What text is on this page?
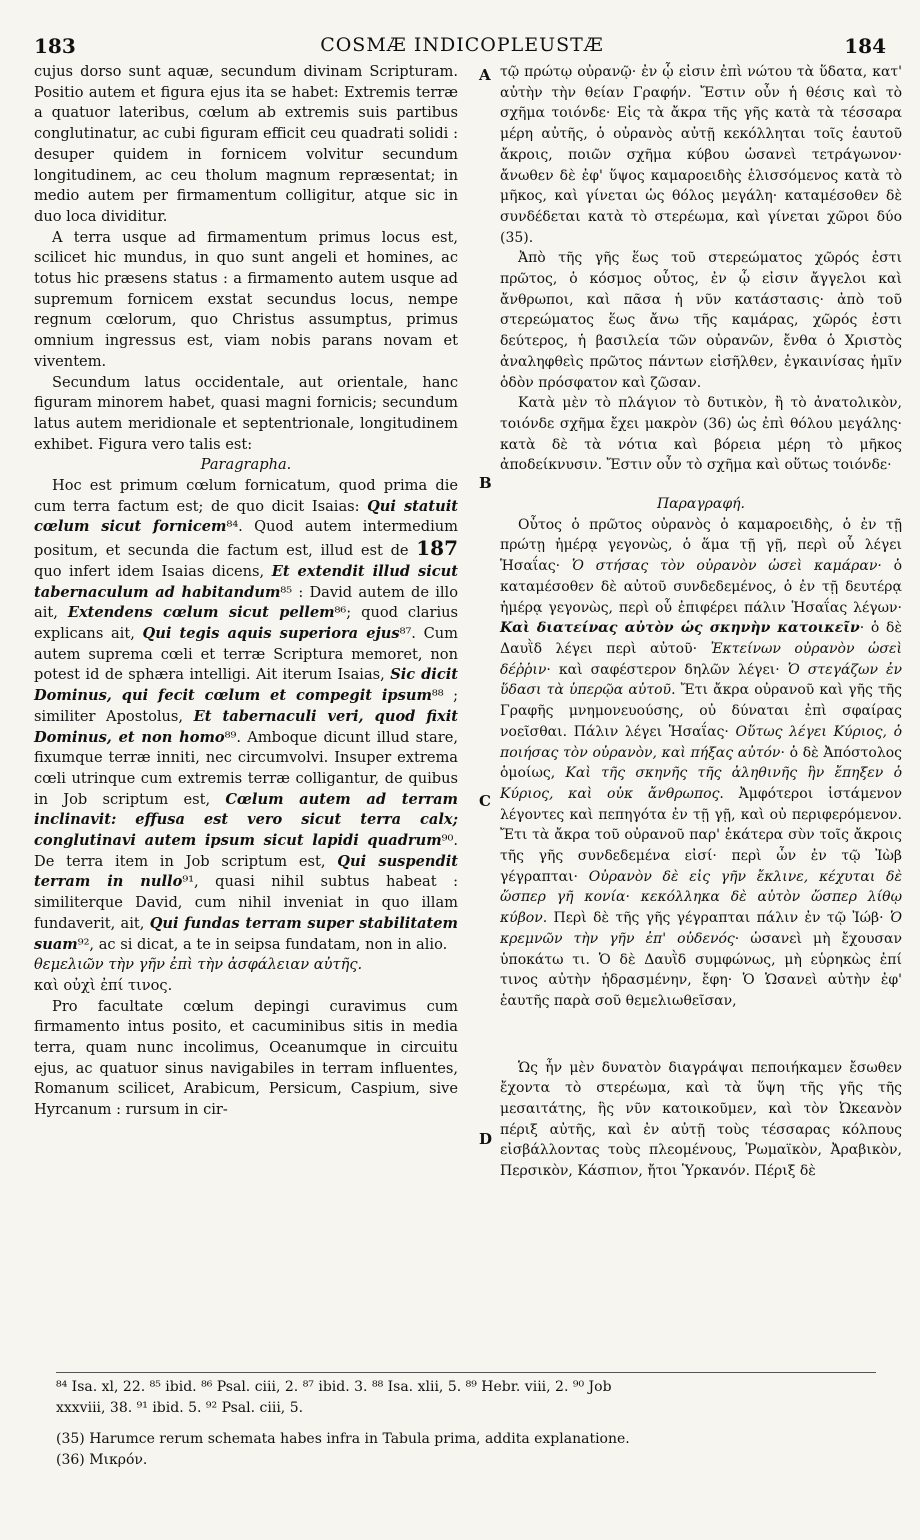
183	COSMÆ INDICOPLEUSTÆ	184
A
B
C
D

cujus dorso sunt aquæ, secundum divinam Scripturam. Positio autem et figura ejus ita se habet: Extremis terræ a quatuor lateribus, cœlum ab extremis suis partibus conglutinatur, ac cubi figuram efficit ceu quadrati solidi : desuper quidem in fornicem volvitur secundum longitudinem, ac ceu tholum magnum repræsentat; in medio autem per firmamentum colligitur, atque sic in duo loca dividitur.

A terra usque ad firmamentum primus locus est, scilicet hic mundus, in quo sunt angeli et homines, ac totus hic præsens status : a firmamento autem usque ad supremum fornicem exstat secundus locus, nempe regnum cœlorum, quo Christus assumptus, primus omnium ingressus est, viam nobis parans novam et viventem.

Secundum latus occidentale, aut orientale, hanc figuram minorem habet, quasi magni fornicis; secundum latus autem meridionale et septentrionale, longitudinem exhibet. Figura vero talis est:

Paragrapha.

Hoc est primum cœlum fornicatum, quod prima die cum terra factum est; de quo dicit Isaias: Qui statuit cœlum sicut fornicem⁸⁴. Quod autem intermedium positum, et secunda die factum est, illud est de 187 quo infert idem Isaias dicens, Et extendit illud sicut tabernaculum ad habitandum⁸⁵ : David autem de illo ait, Extendens cœlum sicut pellem⁸⁶; quod clarius explicans ait, Qui tegis aquis superiora ejus⁸⁷. Cum autem suprema cœli et terræ Scriptura memoret, non potest id de sphæra intelligi. Ait iterum Isaias, Sic dicit Dominus, qui fecit cœlum et compegit ipsum⁸⁸ ; similiter Apostolus, Et tabernaculi veri, quod fixit Dominus, et non homo⁸⁹. Amboque dicunt illud stare, fixumque terræ inniti, nec circumvolvi. Insuper extrema cœli utrinque cum extremis terræ colligantur, de quibus in Job scriptum est, Cœlum autem ad terram inclinavit: effusa est vero sicut terra calx; conglutinavi autem ipsum sicut lapidi quadrum⁹⁰. De terra item in Job scriptum est, Qui suspendit terram in nullo⁹¹, quasi nihil subtus habeat : similiterque David, cum nihil inveniat in quo illam fundaverit, ait, Qui fundas terram super stabilitatem suam⁹², ac si dicat, a te in seipsa fundatam, non in alio.

θεμελιῶν τὴν γῆν ἐπὶ τὴν ἀσφάλειαν αὐτῆς.

καὶ οὐχὶ ἐπί τινος.

Pro facultate cœlum depingi curavimus cum firmamento intus posito, et cacuminibus sitis in media terra, quam nunc incolimus, Oceanumque in circuitu ejus, ac quatuor sinus navigabiles in terram influentes, Romanum scilicet, Arabicum, Persicum, Caspium, sive Hyrcanum : rursum in cir-

τῷ πρώτῳ οὐρανῷ· ἐν ᾧ εἰσιν ἐπὶ νώτου τὰ ὕδατα, κατ' αὐτὴν τὴν θείαν Γραφήν. Ἔστιν οὖν ἡ θέσις καὶ τὸ σχῆμα τοιόνδε· Εἰς τὰ ἄκρα τῆς γῆς κατὰ τὰ τέσσαρα μέρη αὐτῆς, ὁ οὐρανὸς αὐτῇ κεκόλληται τοῖς ἑαυτοῦ ἄκροις, ποιῶν σχῆμα κύβου ὡσανεὶ τετράγωνον· ἄνωθεν δὲ ἐφ' ὕψος καμαροειδὴς ἑλισσόμενος κατὰ τὸ μῆκος, καὶ γίνεται ὡς θόλος μεγάλη· καταμέσοθεν δὲ συνδέδεται κατὰ τὸ στερέωμα, καὶ γίνεται χῶροι δύο (35).

Ἀπὸ τῆς γῆς ἕως τοῦ στερεώματος χῶρός ἐστι πρῶτος, ὁ κόσμος οὗτος, ἐν ᾧ εἰσιν ἄγγελοι καὶ ἄνθρωποι, καὶ πᾶσα ἡ νῦν κατάστασις· ἀπὸ τοῦ στερεώματος ἕως ἄνω τῆς καμάρας, χῶρός ἐστι δεύτερος, ἡ βασιλεία τῶν οὐρανῶν, ἔνθα ὁ Χριστὸς ἀναληφθεὶς πρῶτος πάντων εἰσῆλθεν, ἐγκαινίσας ἡμῖν ὁδὸν πρόσφατον καὶ ζῶσαν.

Κατὰ μὲν τὸ πλάγιον τὸ δυτικὸν, ἢ τὸ ἀνατολικὸν, τοιόνδε σχῆμα ἔχει μακρὸν (36) ὡς ἐπὶ θόλου μεγάλης· κατὰ δὲ τὰ νότια καὶ βόρεια μέρη τὸ μῆκος ἀποδείκνυσιν. Ἔστιν οὖν τὸ σχῆμα καὶ οὕτως τοιόνδε·

Παραγραφή.

Οὗτος ὁ πρῶτος οὐρανὸς ὁ καμαροειδὴς, ὁ ἐν τῇ πρώτῃ ἡμέρᾳ γεγονὼς, ὁ ἅμα τῇ γῇ, περὶ οὗ λέγει Ἡσαΐας· Ὁ στήσας τὸν οὐρανὸν ὡσεὶ καμάραν· ὁ καταμέσοθεν δὲ αὐτοῦ συνδεδεμένος, ὁ ἐν τῇ δευτέρᾳ ἡμέρᾳ γεγονὼς, περὶ οὗ ἐπιφέρει πάλιν Ἡσαΐας λέγων· Καὶ διατείνας αὐτὸν ὡς σκηνὴν κατοικεῖν· ὁ δὲ Δαυῒδ λέγει περὶ αὐτοῦ· Ἐκτείνων οὐρανὸν ὡσεὶ δέῤῥιν· καὶ σαφέστερον δηλῶν λέγει· Ὁ στεγάζων ἐν ὕδασι τὰ ὑπερῷα αὐτοῦ. Ἔτι ἄκρα οὐρανοῦ καὶ γῆς τῆς Γραφῆς μνημονευούσης, οὐ δύναται ἐπὶ σφαίρας νοεῖσθαι. Πάλιν λέγει Ἡσαΐας· Οὕτως λέγει Κύριος, ὁ ποιήσας τὸν οὐρανὸν, καὶ πήξας αὐτόν· ὁ δὲ Ἀπόστολος ὁμοίως, Καὶ τῆς σκηνῆς τῆς ἀληθινῆς ἣν ἔπηξεν ὁ Κύριος, καὶ οὐκ ἄνθρωπος. Ἀμφότεροι ἱστάμενον λέγοντες καὶ πεπηγότα ἐν τῇ γῇ, καὶ οὐ περιφερόμενον. Ἔτι τὰ ἄκρα τοῦ οὐρανοῦ παρ' ἑκάτερα σὺν τοῖς ἄκροις τῆς γῆς συνδεδεμένα εἰσί· περὶ ὧν ἐν τῷ Ἰὼβ γέγραπται· Οὐρανὸν δὲ εἰς γῆν ἔκλινε, κέχυται δὲ ὥσπερ γῆ κονία· κεκόλληκα δὲ αὐτὸν ὥσπερ λίθῳ κύβον. Περὶ δὲ τῆς γῆς γέγραπται πάλιν ἐν τῷ Ἰώβ· Ὁ κρεμνῶν τὴν γῆν ἐπ' οὐδενός· ὡσανεὶ μὴ ἔχουσαν ὑποκάτω τι. Ὁ δὲ Δαυῒδ συμφώνως, μὴ εὑρηκὼς ἐπί τινος αὐτὴν ἡδρασμένην, ἔφη· Ὁ Ὡσανεὶ αὐτὴν ἐφ' ἑαυτῆς παρὰ σοῦ θεμελιωθεῖσαν,

Ὡς ἦν μὲν δυνατὸν διαγράψαι πεποιήκαμεν ἔσωθεν ἔχοντα τὸ στερέωμα, καὶ τὰ ὕψη τῆς γῆς τῆς μεσαιτάτης, ἣς νῦν κατοικοῦμεν, καὶ τὸν Ὠκεανὸν πέριξ αὐτῆς, καὶ ἐν αὐτῇ τοὺς τέσσαρας κόλπους εἰσβάλλοντας τοὺς πλεομένους, Ῥωμαϊκὸν, Ἀραβικὸν, Περσικὸν, Κάσπιον, ἤτοι Ὑρκανόν. Πέριξ δὲ

⁸⁴ Isa. xl, 22. ⁸⁵ ibid. ⁸⁶ Psal. ciii, 2. ⁸⁷ ibid. 3. ⁸⁸ Isa. xlii, 5. ⁸⁹ Hebr. viii, 2. ⁹⁰ Job

xxxviii, 38. ⁹¹ ibid. 5. ⁹² Psal. ciii, 5.

(35) Harumce rerum schemata habes infra in Tabula prima, addita explanatione.

(36) Μικρόν.
